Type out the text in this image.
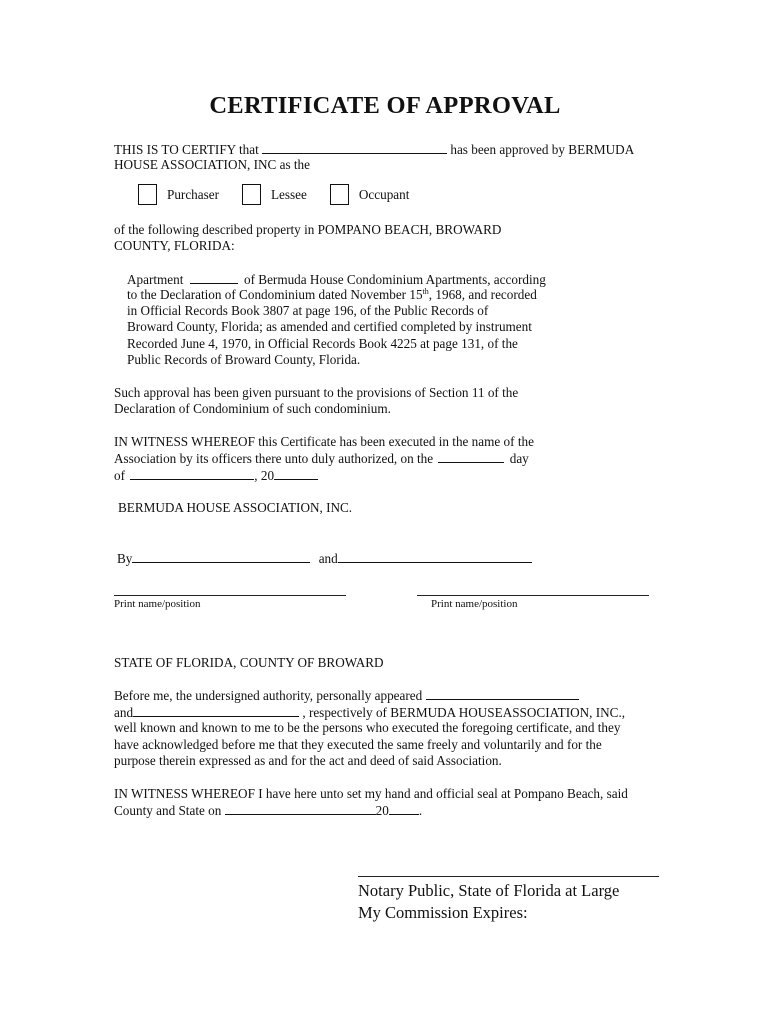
CERTIFICATE OF APPROVAL
THIS IS TO CERTIFY that	has been approved by BERMUDA
HOUSE ASSOCIATION, INC as the
Purchaser	Lessee	Occupant
of the following described property in POMPANO BEACH, BROWARD
COUNTY, FLORIDA:
Apartment	of Bermuda House Condominium Apartments, according
to the Declaration of Condominium dated November 15th, 1968, and recorded
in Official Records Book 3807 at page 196, of the Public Records of
Broward County, Florida; as amended and certified completed by instrument
Recorded June 4, 1970, in Official Records Book 4225 at page 131, of the
Public Records of Broward County, Florida.
Such approval has been given pursuant to the provisions of Section 11 of the
Declaration of Condominium of such condominium.
IN WITNESS WHEREOF this Certificate has been executed in the name of the
Association by its officers there unto duly authorized, on the	day
of	, 20
BERMUDA HOUSE ASSOCIATION, INC.
By	and
Print name/position	Print name/position
STATE OF FLORIDA, COUNTY OF BROWARD
Before me, the undersigned authority, personally appeared
and	, respectively of BERMUDA HOUSEASSOCIATION, INC.,
well known and known to me to be the persons who executed the foregoing certificate, and they
have acknowledged before me that they executed the same freely and voluntarily and for the
purpose therein expressed as and for the act and deed of said Association.
IN WITNESS WHEREOF I have here unto set my hand and official seal at Pompano Beach, said
County and State on	20 .
Notary Public, State of Florida at Large
My Commission Expires:
